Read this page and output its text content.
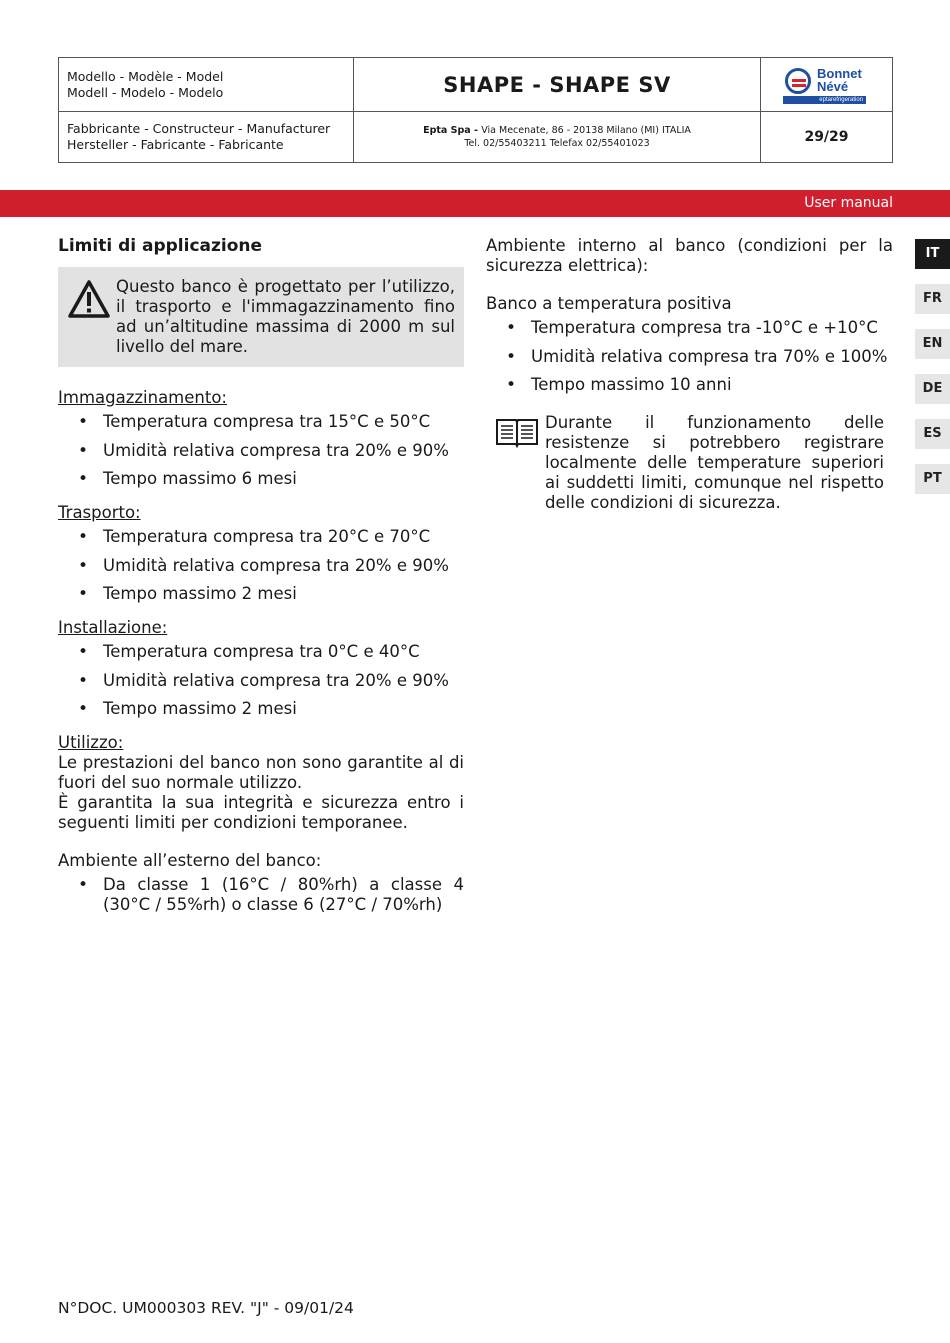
Modello - Modèle - Model
Modell - Modelo - Modelo	SHAPE - SHAPE SV	Bonnet
Névé
eptarefrigeration
Fabbricante - Constructeur - Manufacturer
Hersteller - Fabricante - Fabricante
Epta Spa - Via Mecenate, 86 - 20138 Milano (MI) ITALIA
Tel. 02/55403211 Telefax 02/55401023	29/29
User manual
IT
FR
EN
DE
ES
PT
Limiti di applicazione
Questo banco è progettato per l’utilizzo, il trasporto e l'immagazzinamento fino ad un’altitudine massima di 2000 m sul livello del mare.
Immagazzinamento:
• Temperatura compresa tra 15°C e 50°C
• Umidità relativa compresa tra 20% e 90%
• Tempo massimo 6 mesi
Trasporto:
• Temperatura compresa tra 20°C e 70°C
• Umidità relativa compresa tra 20% e 90%
• Tempo massimo 2 mesi
Installazione:
• Temperatura compresa tra 0°C e 40°C
• Umidità relativa compresa tra 20% e 90%
• Tempo massimo 2 mesi
Utilizzo:
Le prestazioni del banco non sono garantite al di fuori del suo normale utilizzo.
È garantita la sua integrità e sicurezza entro i seguenti limiti per condizioni temporanee.
Ambiente all’esterno del banco:
• Da classe 1 (16°C / 80%rh) a classe 4 (30°C / 55%rh) o classe 6 (27°C / 70%rh)
Ambiente interno al banco (condizioni per la sicurezza elettrica):
Banco a temperatura positiva
• Temperatura compresa tra -10°C e +10°C
• Umidità relativa compresa tra 70% e 100%
• Tempo massimo 10 anni
Durante il funzionamento delle resistenze si potrebbero registrare localmente delle temperature superiori ai suddetti limiti, comunque nel rispetto delle condizioni di sicurezza.
N°DOC. UM000303 REV. "J" - 09/01/24
